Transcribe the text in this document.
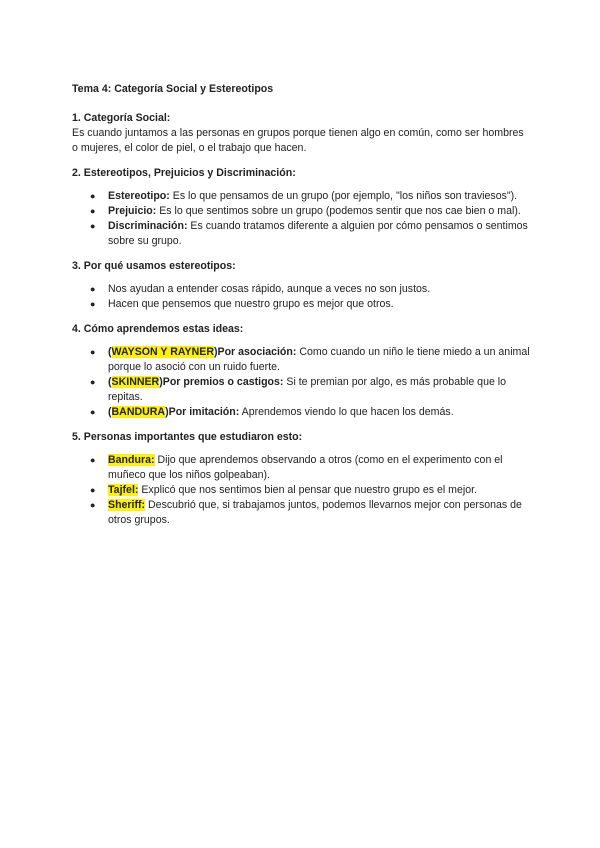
Tema 4: Categoría Social y Estereotipos

1. Categoría Social:

Es cuando juntamos a las personas en grupos porque tienen algo en común, como ser hombres o mujeres, el color de piel, o el trabajo que hacen.

2. Estereotipos, Prejuicios y Discriminación:

● Estereotipo: Es lo que pensamos de un grupo (por ejemplo, "los niños son traviesos").
● Prejuicio: Es lo que sentimos sobre un grupo (podemos sentir que nos cae bien o mal).
● Discriminación: Es cuando tratamos diferente a alguien por cómo pensamos o sentimos sobre su grupo.

3. Por qué usamos estereotipos:

● Nos ayudan a entender cosas rápido, aunque a veces no son justos.
● Hacen que pensemos que nuestro grupo es mejor que otros.

4. Cómo aprendemos estas ideas:

● (WAYSON Y RAYNER)Por asociación: Como cuando un niño le tiene miedo a un animal porque lo asoció con un ruido fuerte.
● (SKINNER)Por premios o castigos: Si te premian por algo, es más probable que lo repitas.
● (BANDURA)Por imitación: Aprendemos viendo lo que hacen los demás.

5. Personas importantes que estudiaron esto:

● Bandura: Dijo que aprendemos observando a otros (como en el experimento con el muñeco que los niños golpeaban).
● Tajfel: Explicó que nos sentimos bien al pensar que nuestro grupo es el mejor.
● Sheriff: Descubrió que, si trabajamos juntos, podemos llevarnos mejor con personas de otros grupos.
